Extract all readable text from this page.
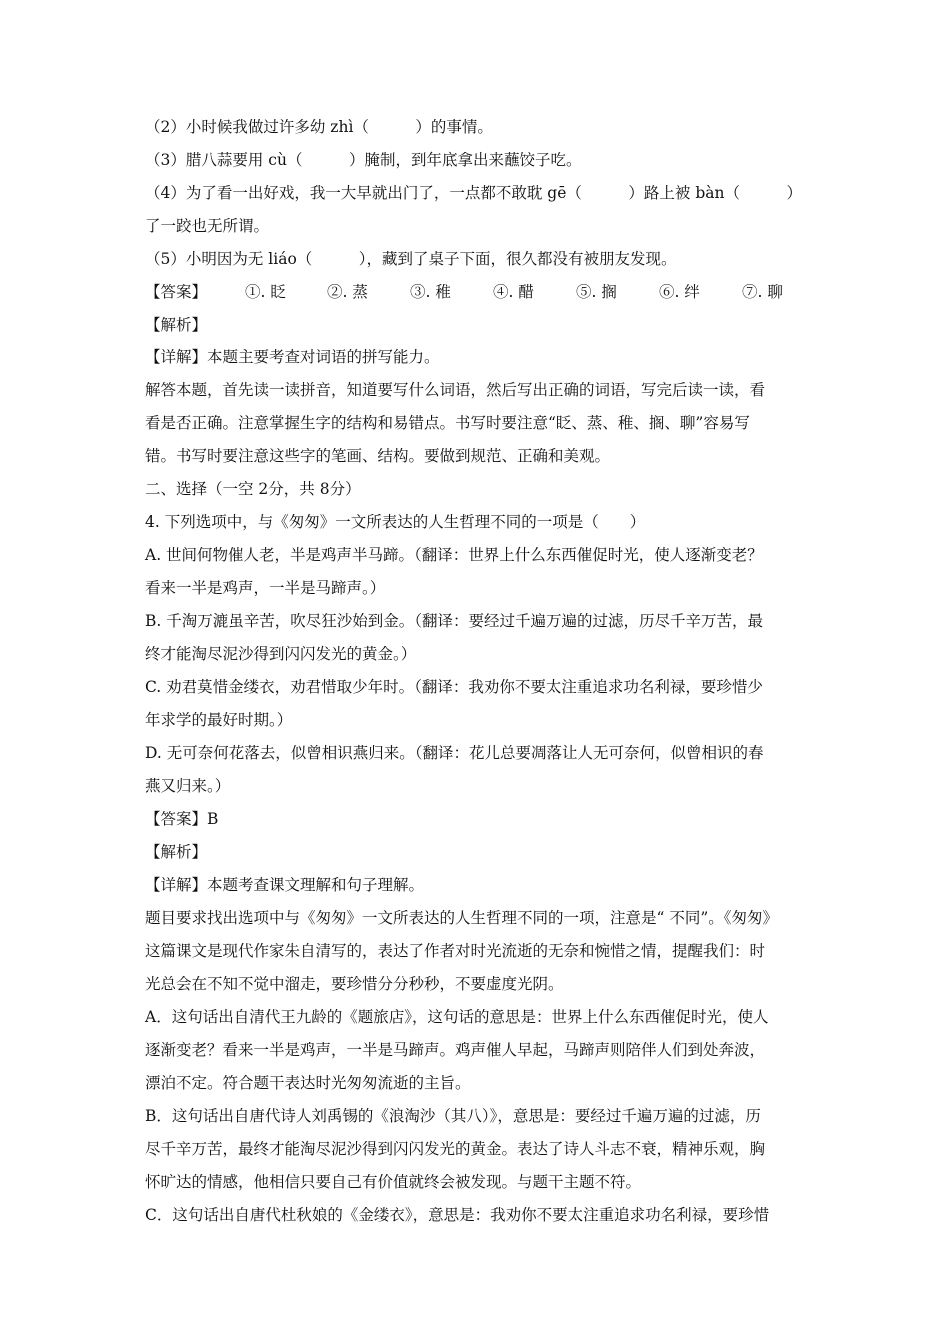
（2）小时候我做过许多幼 zhì（　　　）的事情。
（3）腊八蒜要用 cù（　　　）腌制，到年底拿出来蘸饺子吃。
（4）为了看一出好戏，我一大早就出门了，一点都不敢耽 gē（　　　）路上被 bàn（　　　）
了一跤也无所谓。
（5）小明因为无 liáo（　　　），藏到了桌子下面，很久都没有被朋友发现。
【答案】 ①. 眨	②. 蒸	③. 稚	④. 醋	⑤. 搁	⑥. 绊	⑦. 聊
【解析】
【详解】本题主要考查对词语的拼写能力。
解答本题，首先读一读拼音，知道要写什么词语，然后写出正确的词语，写完后读一读，看
看是否正确。注意掌握生字的结构和易错点。书写时要注意“眨、蒸、稚、搁、聊”容易写
错。书写时要注意这些字的笔画、结构。要做到规范、正确和美观。
二、选择（一空 2分，共 8分）
4. 下列选项中，与《匆匆》一文所表达的人生哲理不同的一项是（　　）
A. 世间何物催人老，半是鸡声半马蹄。（翻译：世界上什么东西催促时光，使人逐渐变老？
看来一半是鸡声，一半是马蹄声。）
B. 千淘万漉虽辛苦，吹尽狂沙始到金。（翻译：要经过千遍万遍的过滤，历尽千辛万苦，最
终才能淘尽泥沙得到闪闪发光的黄金。）
C. 劝君莫惜金缕衣，劝君惜取少年时。（翻译：我劝你不要太注重追求功名利禄，要珍惜少
年求学的最好时期。）
D. 无可奈何花落去，似曾相识燕归来。（翻译：花儿总要凋落让人无可奈何，似曾相识的春
燕又归来。）
【答案】B
【解析】
【详解】本题考查课文理解和句子理解。
题目要求找出选项中与《匆匆》一文所表达的人生哲理不同的一项，注意是“ 不同”。《匆匆》
这篇课文是现代作家朱自清写的，表达了作者对时光流逝的无奈和惋惜之情，提醒我们：时
光总会在不知不觉中溜走，要珍惜分分秒秒，不要虚度光阴。
A．这句话出自清代王九龄的《题旅店》，这句话的意思是：世界上什么东西催促时光，使人
逐渐变老？看来一半是鸡声，一半是马蹄声。鸡声催人早起，马蹄声则陪伴人们到处奔波，
漂泊不定。符合题干表达时光匆匆流逝的主旨。
B．这句话出自唐代诗人刘禹锡的《浪淘沙（其八）》，意思是：要经过千遍万遍的过滤，历
尽千辛万苦，最终才能淘尽泥沙得到闪闪发光的黄金。表达了诗人斗志不衰，精神乐观，胸
怀旷达的情感，他相信只要自己有价值就终会被发现。与题干主题不符。
C．这句话出自唐代杜秋娘的《金缕衣》，意思是：我劝你不要太注重追求功名利禄，要珍惜
